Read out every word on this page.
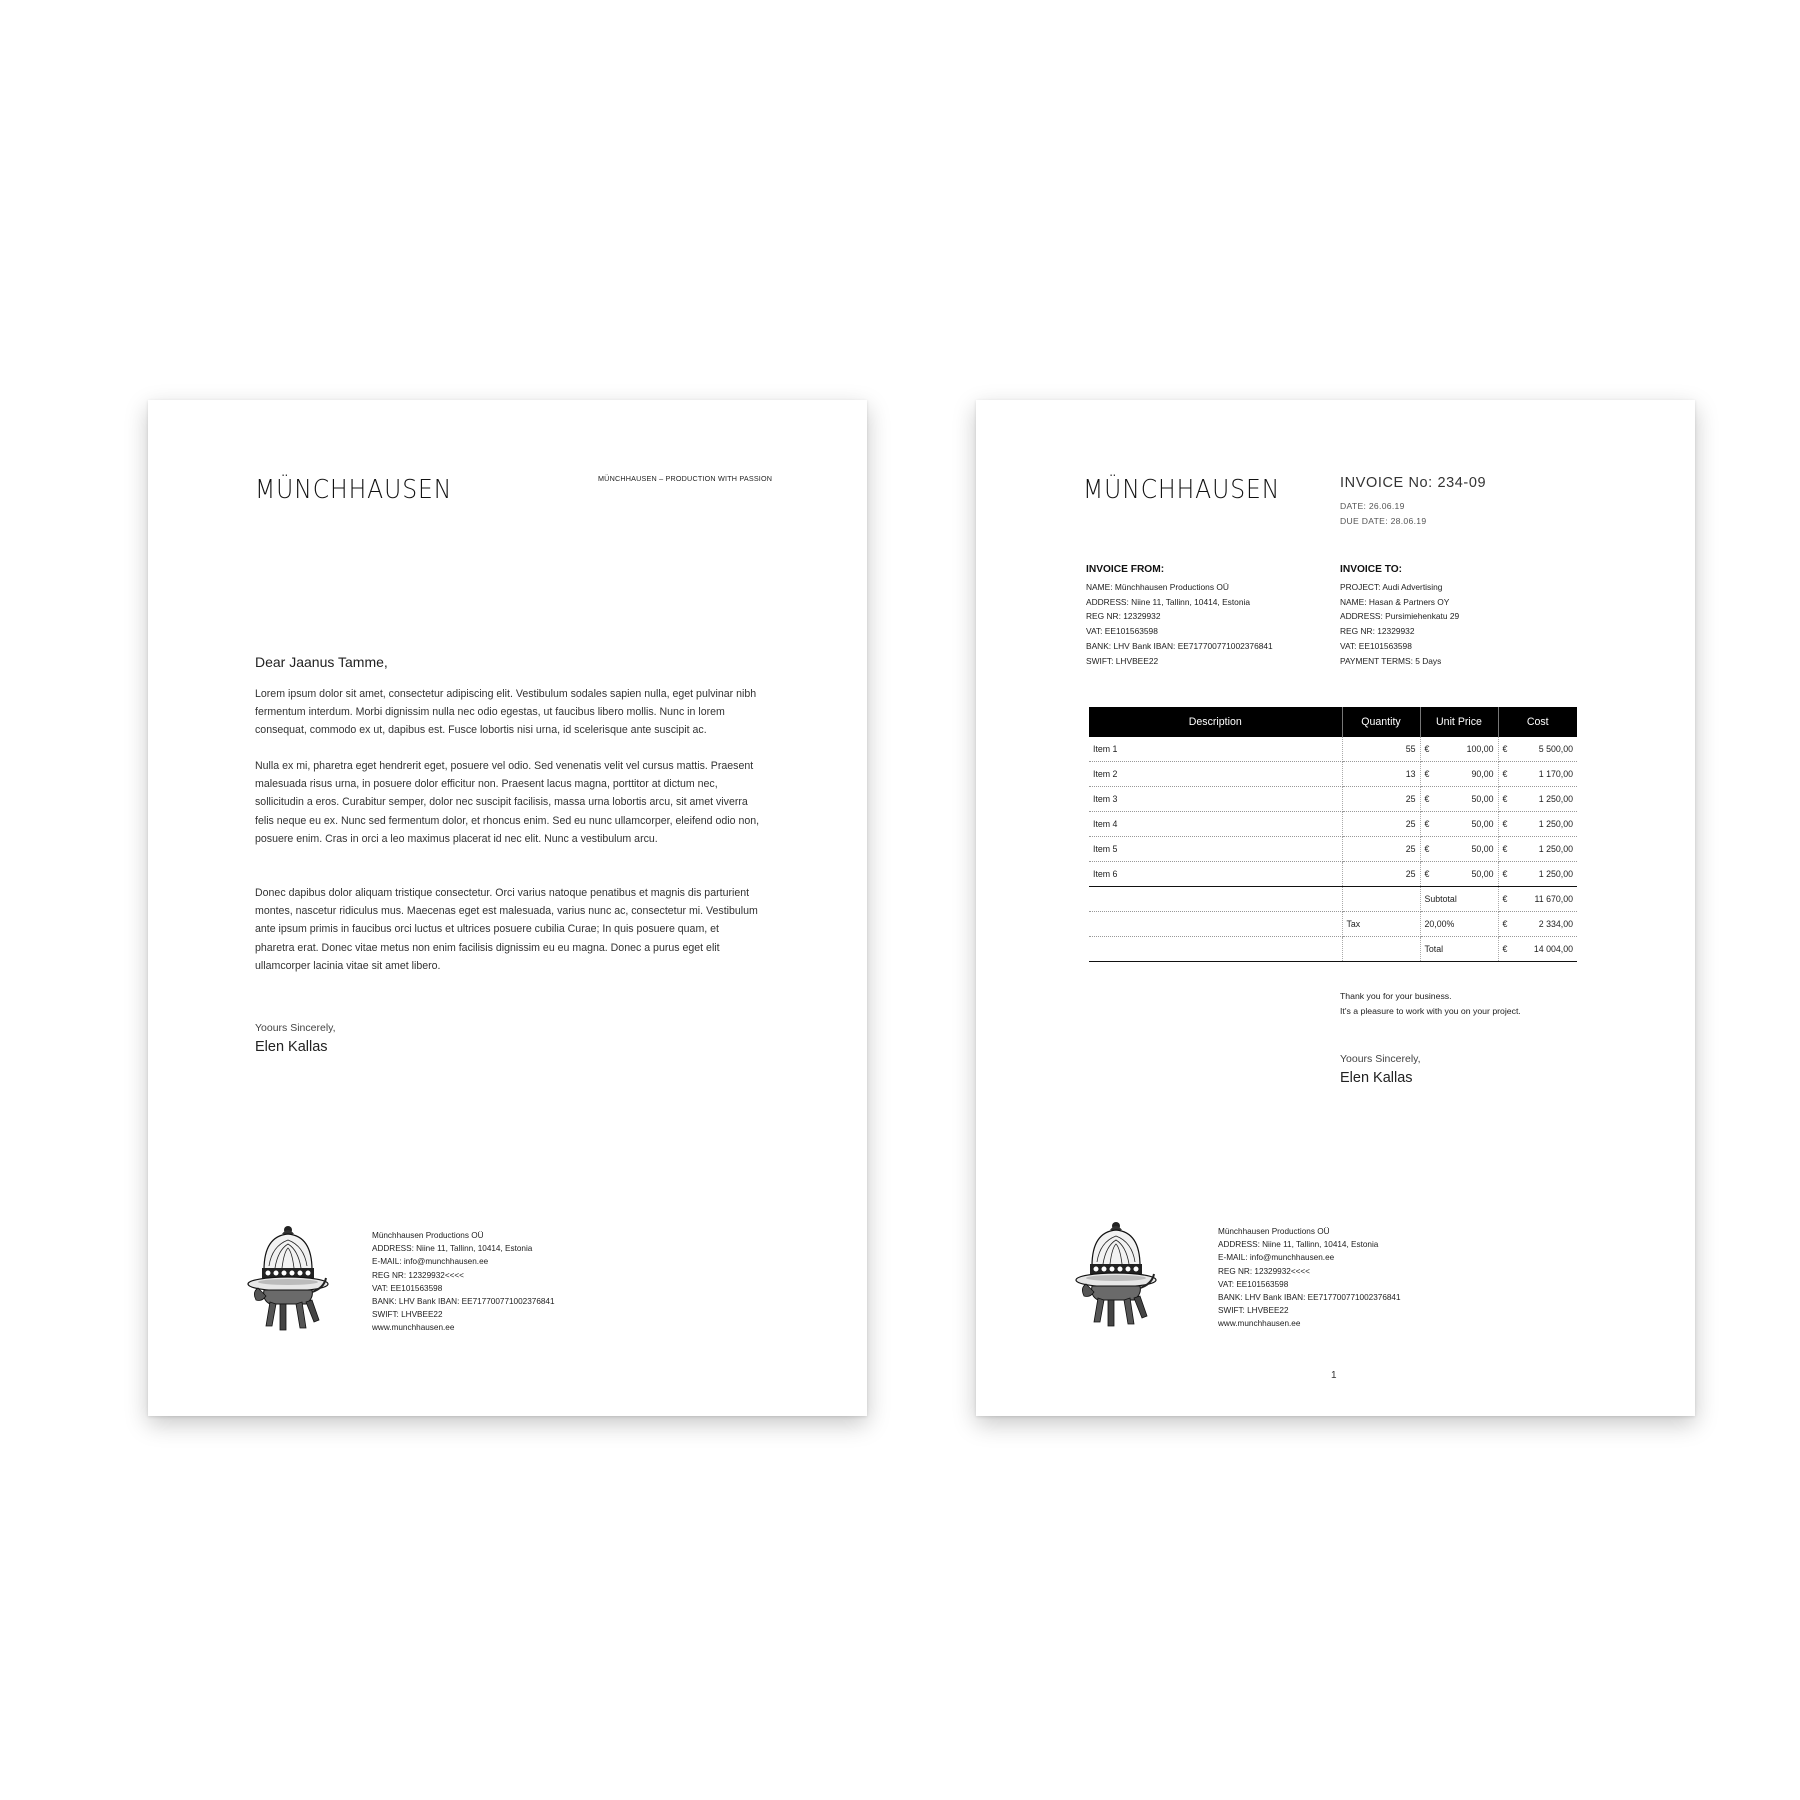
MÜNCHHAUSEN	MÜNCHHAUSEN – PRODUCTION WITH PASSION
Dear Jaanus Tamme,

Lorem ipsum dolor sit amet, consectetur adipiscing elit. Vestibulum sodales sapien nulla, eget pulvinar nibh fermentum interdum. Morbi dignissim nulla nec odio egestas, ut faucibus libero mollis. Nunc in lorem consequat, commodo ex ut, dapibus est. Fusce lobortis nisi urna, id scelerisque ante suscipit ac.

Nulla ex mi, pharetra eget hendrerit eget, posuere vel odio. Sed venenatis velit vel cursus mattis. Praesent malesuada risus urna, in posuere dolor efficitur non. Praesent lacus magna, porttitor at dictum nec, sollicitudin a eros. Curabitur semper, dolor nec suscipit facilisis, massa urna lobortis arcu, sit amet viverra felis neque eu ex. Nunc sed fermentum dolor, et rhoncus enim. Sed eu nunc ullamcorper, eleifend odio non, posuere enim. Cras in orci a leo maximus placerat id nec elit. Nunc a vestibulum arcu.

Donec dapibus dolor aliquam tristique consectetur. Orci varius natoque penatibus et magnis dis parturient montes, nascetur ridiculus mus. Maecenas eget est malesuada, varius nunc ac, consectetur mi. Vestibulum ante ipsum primis in faucibus orci luctus et ultrices posuere cubilia Curae; In quis posuere quam, et pharetra erat. Donec vitae metus non enim facilisis dignissim eu eu magna. Donec a purus eget elit ullamcorper lacinia vitae sit amet libero.

Yoours Sincerely,
Elen Kallas
Münchhausen Productions OÜ
ADDRESS: Niine 11, Tallinn, 10414, Estonia
E-MAIL: info@munchhausen.ee
REG NR: 12329932<<<<
VAT: EE101563598
BANK: LHV Bank IBAN: EE717700771002376841
SWIFT: LHVBEE22
www.munchhausen.ee
MÜNCHHAUSEN	INVOICE No: 234-09
DATE: 26.06.19
DUE DATE: 28.06.19
INVOICE FROM:
NAME: Münchhausen Productions OÜ
ADDRESS: Niine 11, Tallinn, 10414, Estonia
REG NR: 12329932
VAT: EE101563598
BANK: LHV Bank IBAN: EE717700771002376841
SWIFT: LHVBEE22
INVOICE TO:
PROJECT: Audi Advertising
NAME: Hasan & Partners OY
ADDRESS: Pursimiehenkatu 29
REG NR: 12329932
VAT: EE101563598
PAYMENT TERMS: 5 Days
Description	Quantity	Unit Price	Cost
Item 1	55	€ 100,00	€ 5 500,00

Item 2	13	€ 90,00	€ 1 170,00

Item 3	25	€ 50,00	€ 1 250,00

Item 4	25	€ 50,00	€ 1 250,00

Item 5	25	€ 50,00	€ 1 250,00

Item 6	25	€ 50,00	€ 1 250,00

		Subtotal	€ 11 670,00

	Tax	20,00%	€ 2 334,00

		Total	€ 14 004,00
Thank you for your business.
It's a pleasure to work with you on your project.
Yoours Sincerely,
Elen Kallas
Münchhausen Productions OÜ
ADDRESS: Niine 11, Tallinn, 10414, Estonia
E-MAIL: info@munchhausen.ee
REG NR: 12329932<<<<
VAT: EE101563598
BANK: LHV Bank IBAN: EE717700771002376841
SWIFT: LHVBEE22
www.munchhausen.ee
1
